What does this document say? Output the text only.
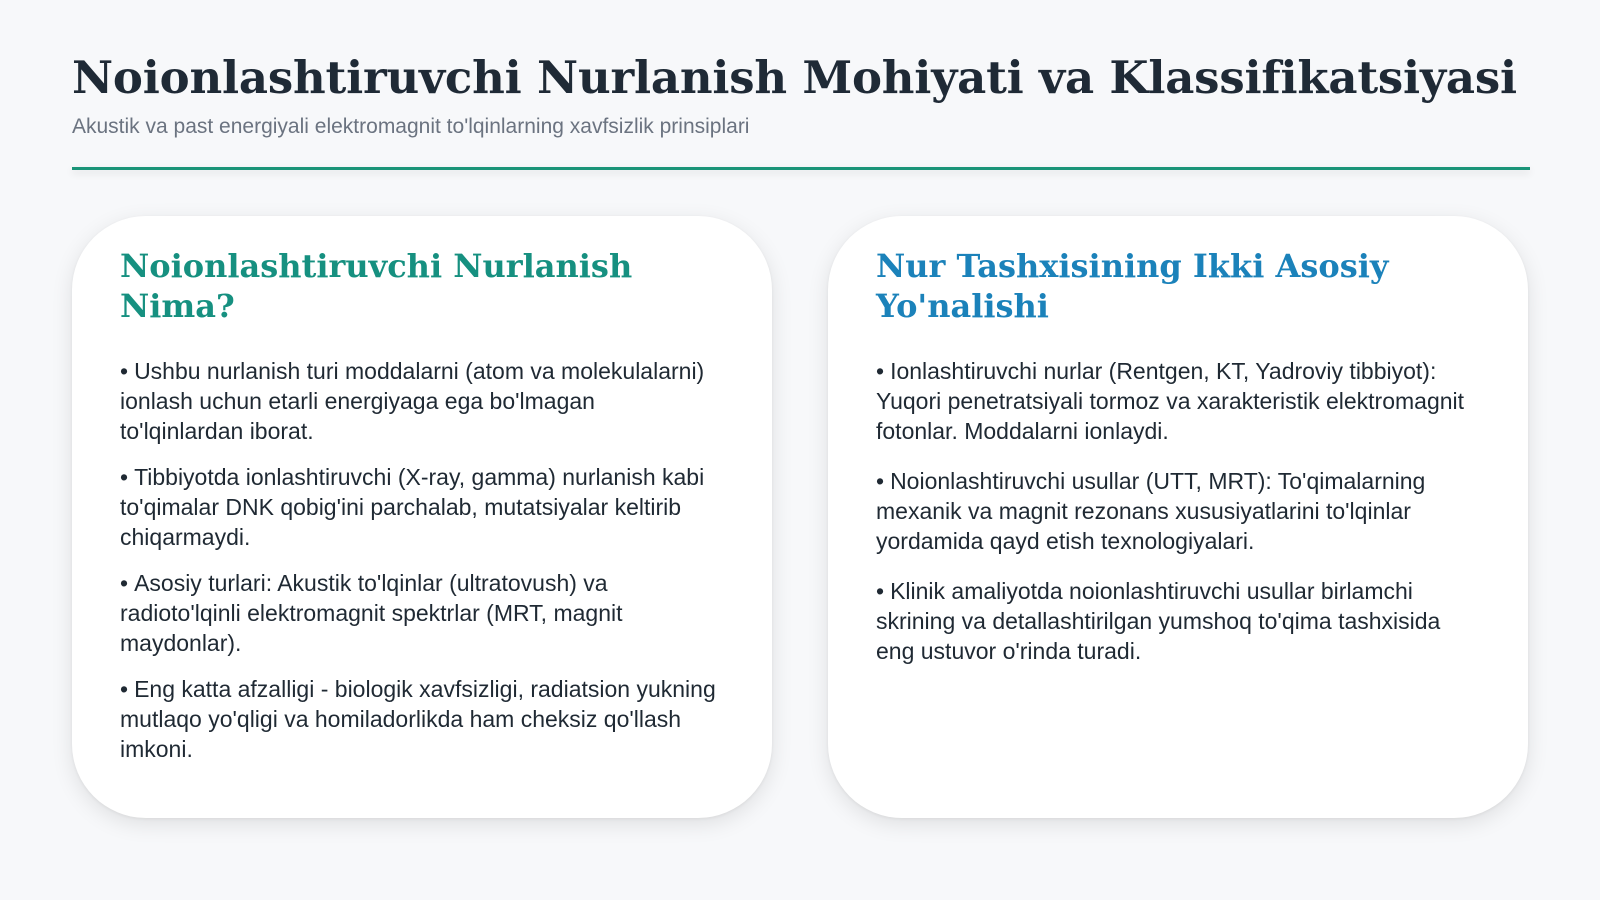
Noionlashtiruvchi Nurlanish Mohiyati va Klassifikatsiyasi
Akustik va past energiyali elektromagnit to'lqinlarning xavfsizlik prinsiplari
Noionlashtiruvchi Nurlanish Nima?
• Ushbu nurlanish turi moddalarni (atom va molekulalarni) ionlash uchun etarli energiyaga ega bo'lmagan to'lqinlardan iborat.
• Tibbiyotda ionlashtiruvchi (X-ray, gamma) nurlanish kabi to'qimalar DNK qobig'ini parchalab, mutatsiyalar keltirib chiqarmaydi.
• Asosiy turlari: Akustik to'lqinlar (ultratovush) va radioto'lqinli elektromagnit spektrlar (MRT, magnit maydonlar).
• Eng katta afzalligi - biologik xavfsizligi, radiatsion yukning mutlaqo yo'qligi va homiladorlikda ham cheksiz qo'llash imkoni.
Nur Tashxisining Ikki Asosiy Yo'nalishi
• Ionlashtiruvchi nurlar (Rentgen, KT, Yadroviy tibbiyot): Yuqori penetratsiyali tormoz va xarakteristik elektromagnit fotonlar. Moddalarni ionlaydi.
• Noionlashtiruvchi usullar (UTT, MRT): To'qimalarning mexanik va magnit rezonans xususiyatlarini to'lqinlar yordamida qayd etish texnologiyalari.
• Klinik amaliyotda noionlashtiruvchi usullar birlamchi skrining va detallashtirilgan yumshoq to'qima tashxisida eng ustuvor o'rinda turadi.
